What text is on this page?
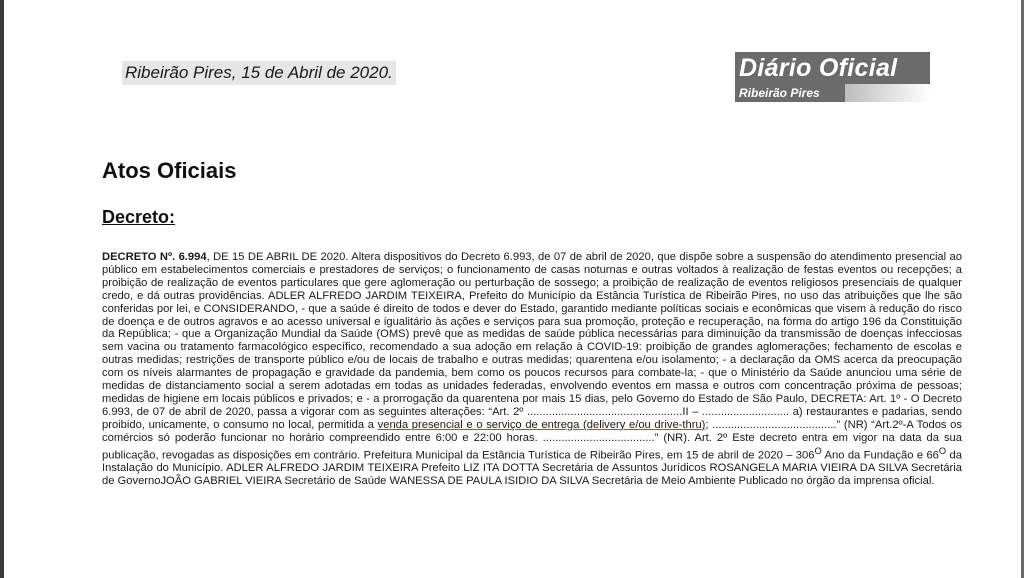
Ribeirão Pires, 15 de Abril de 2020.	Diário Oficial
Ribeirão Pires
Atos Oficiais
Decreto:
DECRETO Nº. 6.994, DE 15 DE ABRIL DE 2020. Altera dispositivos do Decreto 6.993, de 07 de abril de 2020, que dispõe sobre a suspensão do atendimento presencial ao público em estabelecimentos comerciais e prestadores de serviços; o funcionamento de casas noturnas e outras voltados à realização de festas eventos ou recepções; a proibição de realização de eventos particulares que gere aglomeração ou perturbação de sossego; a proibição de realização de eventos religiosos presenciais de qualquer credo, e dá outras providências. ADLER ALFREDO JARDIM TEIXEIRA, Prefeito do Município da Estância Turística de Ribeirão Pires, no uso das atribuições que lhe são conferidas por lei, e CONSIDERANDO, - que a saúde é direito de todos e dever do Estado, garantido mediante políticas sociais e econômicas que visem à redução do risco de doença e de outros agravos e ao acesso universal e igualitário às ações e serviços para sua promoção, proteção e recuperação, na forma do artigo 196 da Constituição da República; - que a Organização Mundial da Saúde (OMS) prevê que as medidas de saúde pública necessárias para diminuição da transmissão de doenças infecciosas sem vacina ou tratamento farmacológico específico, recomendado a sua adoção em relação à COVID-19: proibição de grandes aglomerações; fechamento de escolas e outras medidas; restrições de transporte público e/ou de locais de trabalho e outras medidas; quarentena e/ou isolamento; - a declaração da OMS acerca da preocupação com os níveis alarmantes de propagação e gravidade da pandemia, bem como os poucos recursos para combate-la; - que o Ministério da Saúde anunciou uma série de medidas de distanciamento social a serem adotadas em todas as unidades federadas, envolvendo eventos em massa e outros com concentração próxima de pessoas; medidas de higiene em locais públicos e privados; e - a prorrogação da quarentena por mais 15 dias, pelo Governo do Estado de São Paulo, DECRETA: Art. 1º - O Decreto 6.993, de 07 de abril de 2020, passa a vigorar com as seguintes alterações: “Art. 2º ..................................................II – ............................ a) restaurantes e padarias, sendo proibido, unicamente, o consumo no local, permitida a venda presencial e o serviço de entrega (delivery e/ou drive-thru); ........................................” (NR) “Art.2º-A Todos os comércios só poderão funcionar no horário compreendido entre 6:00 e 22:00 horas. ....................................” (NR). Art. 2º Este decreto entra em vigor na data da sua publicação, revogadas as disposições em contrário. Prefeitura Municipal da Estância Turística de Ribeirão Pires, em 15 de abril de $2020 - 306^O$ Ano da Fundação e $66^O$ da Instalação do Município. ADLER ALFREDO JARDIM TEIXEIRA Prefeito LIZ ITA DOTTA Secretária de Assuntos Jurídicos ROSANGELA MARIA VIEIRA DA SILVA Secretária de GovernoJOÃO GABRIEL VIEIRA Secretário de Saúde WANESSA DE PAULA ISIDIO DA SILVA Secretária de Meio Ambiente Publicado no órgão da imprensa oficial.
